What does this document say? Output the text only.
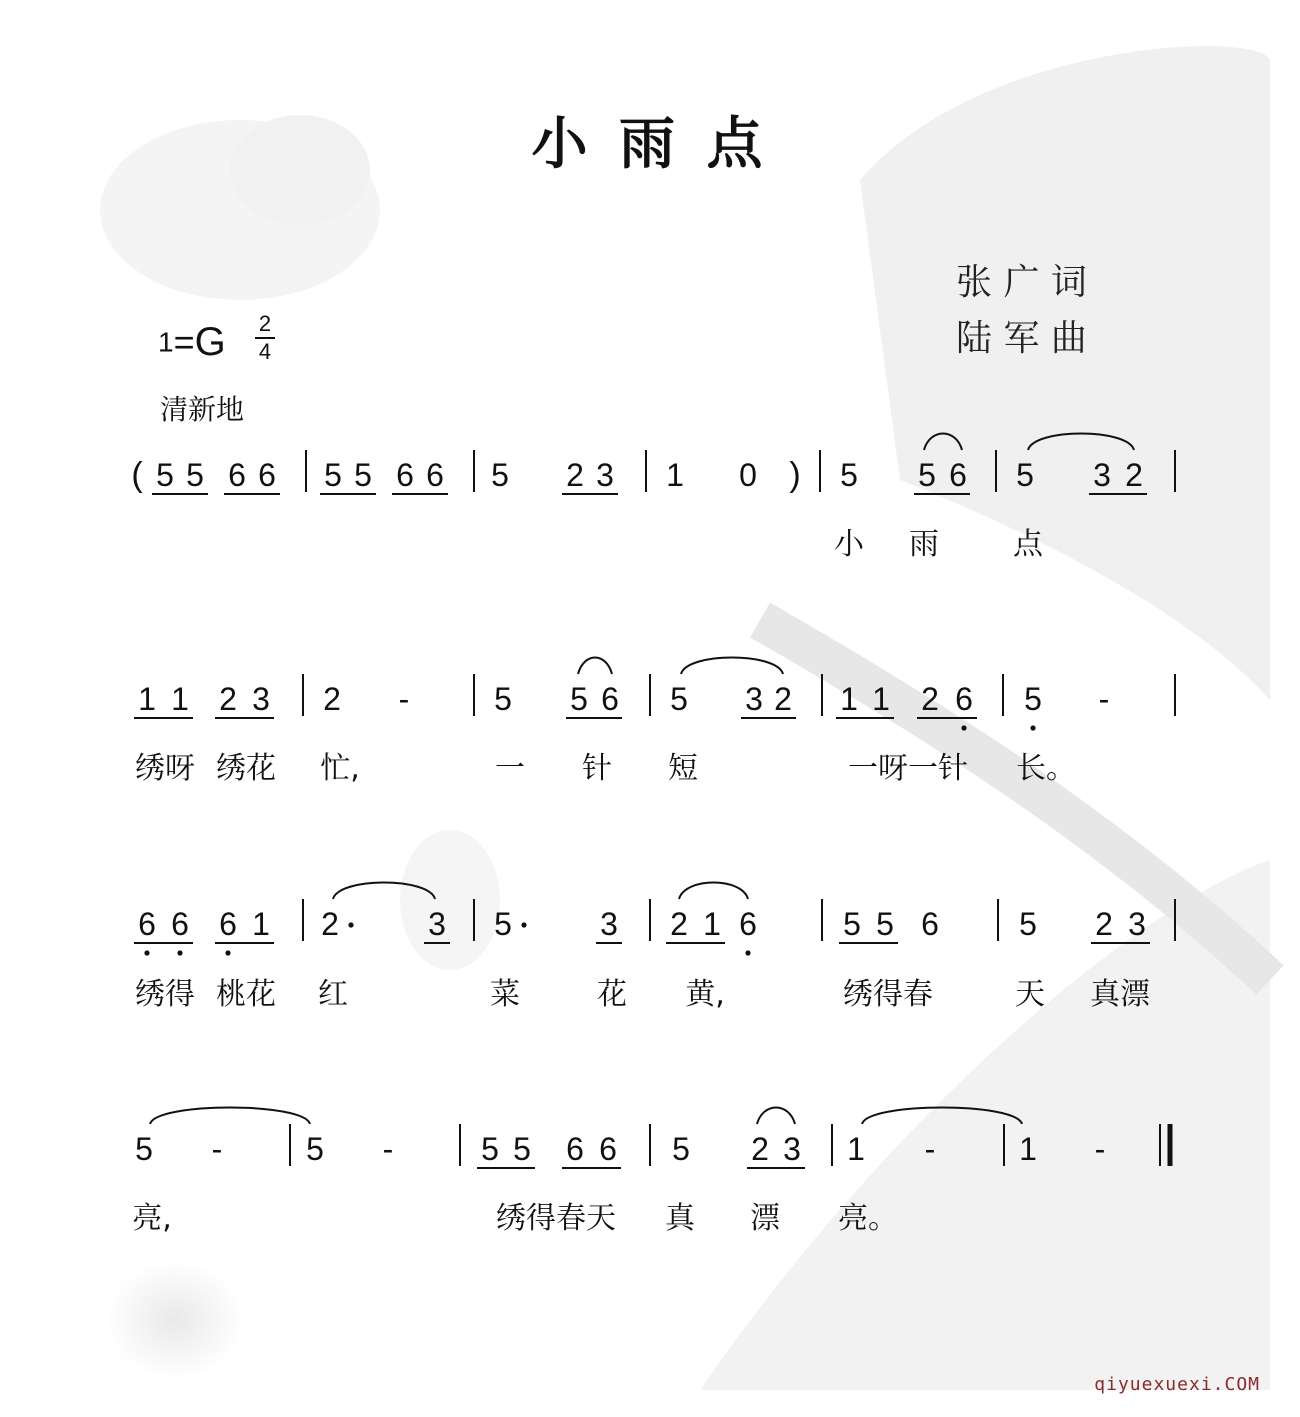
小 雨 点
张 广 词
陆 军 曲
1=G 2
4
清新地
( 5 5 6 6 5 5 6 6 5 2 3 1 0 ) 5 5 6 5 3 2
小 雨 点
1 1 2 3 2 -	5 5 6 5 3 2 1 1 2 6 5 -
绣呀 绣花 忙,	一 针 短	一呀一针 长。
6 6 6 1 2	3 5	3 2 1 6	5 5 6	5 2 3
绣得 桃花 红	菜	花 黄,	绣得春	天 真漂
5 -	5 -	5 5 6 6 5 2 3 1 -	1 -
亮,	绣得春天 真 漂 亮。
qiyuexuexi.COM
